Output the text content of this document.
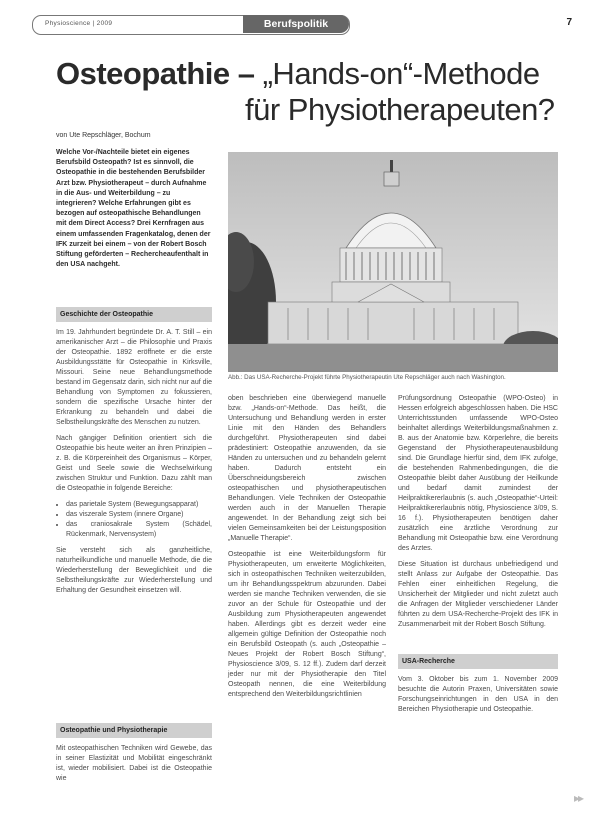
Physioscience | 2009	Berufspolitik	7
Osteopathie – „Hands-on“-Methode
für Physiotherapeuten?
von Ute Repschläger, Bochum
Welche Vor-/Nachteile bietet ein eigenes Berufsbild Osteopath? Ist es sinnvoll, die Osteopathie in die bestehenden Berufsbilder Arzt bzw. Physiotherapeut – durch Aufnahme in die Aus- und Weiterbildung – zu integrieren? Welche Erfahrungen gibt es bezogen auf osteopathische Behandlungen mit dem Direct Access? Drei Kernfragen aus einem umfassenden Fragenkatalog, denen der IFK zurzeit bei einem – von der Robert Bosch Stiftung geförderten – Rechercheaufenthalt in den USA nachgeht.
Geschichte der Osteopathie

Im 19. Jahrhundert begründete Dr. A. T. Still – ein amerikanischer Arzt – die Philosophie und Praxis der Osteopathie. 1892 eröffnete er die erste Ausbildungsstätte für Osteopathie in Kirksville, Missouri. Seine neue Behandlungsmethode bestand im Gegensatz darin, sich nicht nur auf die Behandlung von Symptomen zu fokussieren, sondern die spezifische Ursache hinter der Erkrankung zu behandeln und dabei die Selbstheilungskräfte des Menschen zu nutzen.

Nach gängiger Definition orientiert sich die Osteopathie bis heute weiter an ihren Prinzipien – z. B. die Körpereinheit des Organismus – Körper, Geist und Seele sowie die Wechselwirkung zwischen Struktur und Funktion. Dazu zählt man die Osteopathie in folgende Bereiche:

• das parietale System (Bewegungsapparat)
• das viszerale System (innere Organe)
• das craniosakrale System (Schädel, Rückenmark, Nervensystem)

Sie versteht sich als ganzheitliche, naturheilkundliche und manuelle Methode, die die Wiederherstellung der Beweglichkeit und die Selbstheilungskräfte zur Wiederherstellung und Erhaltung der Gesundheit einsetzen will.

Osteopathie und Physiotherapie

Mit osteopathischen Techniken wird Gewebe, das in seiner Elastizität und Mobilität eingeschränkt ist, wieder mobilisiert. Dabei ist die Osteopathie wie

Abb.: Das USA-Recherche-Projekt führte Physiotherapeutin Ute Repschläger auch nach Washington.

oben beschrieben eine überwiegend manuelle bzw. „Hands-on“-Methode. Das heißt, die Untersuchung und Behandlung werden in erster Linie mit den Händen des Behandlers durchgeführt. Physiotherapeuten sind dabei prädestiniert: Osteopathie anzuwenden, da sie Händen zu untersuchen und zu behandeln gelernt haben. Dadurch entsteht ein Überschneidungsbereich zwischen osteopathischen und physiotherapeutischen Behandlungen. Viele Techniken der Osteopathie werden auch in der Manuellen Therapie angewendet. In der Behandlung zeigt sich bei vielen Gemeinsamkeiten bei der Leistungsposition „Manuelle Therapie“.

Osteopathie ist eine Weiterbildungsform für Physiotherapeuten, um erweiterte Möglichkeiten, sich in osteopathischen Techniken weiterzubilden, um ihr Behandlungsspektrum abzurunden. Dabei werden sie manche Techniken verwenden, die sie zuvor an der Schule für Osteopathie und der Ausbildung zum Physiotherapeuten angewendet haben. Allerdings gibt es derzeit weder eine allgemein gültige Definition der Osteopathie noch ein Berufsbild Osteopath (s. auch „Osteopathie – Neues Projekt der Robert Bosch Stiftung“, Physioscience 3/09, S. 12 ff.). Zudem darf derzeit jeder nur mit der Physiotherapie den Titel Osteopath nennen, die eine Weiterbildung entsprechend den Weiterbildungsrichtlinien

Prüfungsordnung Osteopathie (WPO-Osteo) in Hessen erfolgreich abgeschlossen haben. Die HSC Unterrichtsstunden umfassende WPO-Osteo beinhaltet allerdings Weiterbildungsmaßnahmen z. B. aus der Anatomie bzw. Körperlehre, die bereits Gegenstand der Physiotherapeutenausbildung sind. Die Grundlage hierfür sind, dem IFK zufolge, die bestehenden Rahmenbedingungen, die die Osteopathie bleibt daher Ausübung der Heilkunde und bedarf damit zumindest der Heilpraktikererlaubnis (s. auch „Osteopathie“-Urteil: Heilpraktikererlaubnis nötig, Physioscience 3/09, S. 16 f.). Physiotherapeuten benötigen daher zusätzlich eine ärztliche Verordnung zur Behandlung mit Osteopathie bzw. eine Verordnung des Arztes.

Diese Situation ist durchaus unbefriedigend und stellt Anlass zur Aufgabe der Osteopathie. Das Fehlen einer einheitlichen Regelung, die Unsicherheit der Mitglieder und nicht zuletzt auch die Anfragen der Mitglieder verschiedener Länder führten zu dem USA-Recherche-Projekt des IFK in Zusammenarbeit mit der Robert Bosch Stiftung.

USA-Recherche

Vom 3. Oktober bis zum 1. November 2009 besuchte die Autorin Praxen, Universitäten sowie Forschungseinrichtungen in den USA in den Bereichen Physiotherapie und Osteopathie.

▸▸
